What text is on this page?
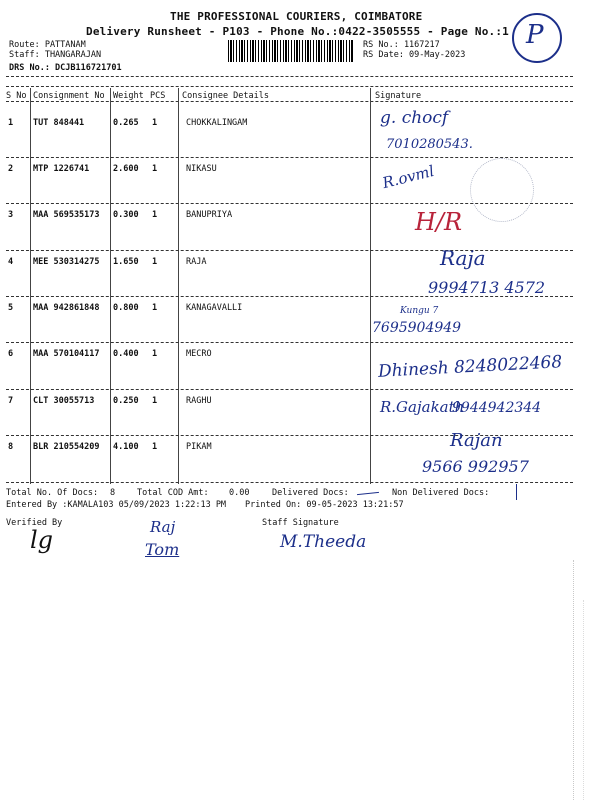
THE PROFESSIONAL COURIERS, COIMBATORE
Delivery Runsheet - P103 - Phone No.:0422-3505555 - Page No.:1 P
Route: PATTANAM
Staff: THANGARAJAN
DRS No.: DCJB116721701
RS No.: 1167217
RS Date: 09-May-2023
S No Consignment No Weight PCS Consignee Details	Signature
1 TUT 848441	0.265 1	CHOKKALINGAM	g. chocf
7010280543.
2 MTP 1226741	2.600 1	NIKASU	R.ovml
3 MAA 569535173 0.300 1	BANUPRIYA	H/R
4 MEE 530314275 1.650 1	RAJA	Raja
9994713 4572
5 MAA 942861848 0.800 1	KANAGAVALLI	Kungu 7
7695904949
6 MAA 570104117 0.400 1	MECRO	Dhinesh 8248022468
7 CLT 30055713 0.250 1	RAGHU	R.Gajakath
9944942344
8 BLR 210554209 4.100 1	PIKAM	Rajan
9566 992957
Total No. Of Docs: 8	Total COD Amt: 0.00	Delivered Docs:	Non Delivered Docs:
Entered By :KAMALA103 05/09/2023 1:22:13 PM Printed On: 09-05-2023 13:21:57
Verified By
lg	Raj
Tom
Staff Signature
M.Theeda
